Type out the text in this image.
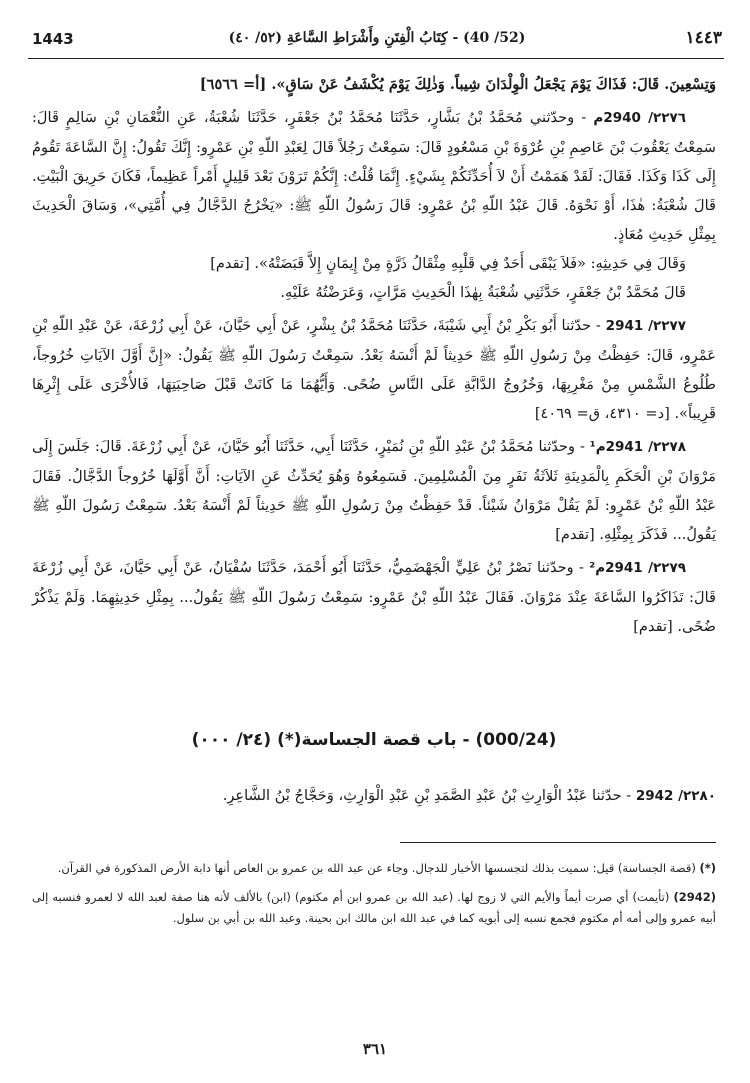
1443	(52/ 40) - كِتَابُ الْفِتَنِ وأَشْرَاطِ السَّاعَةِ (٥٢/ ٤٠)	١٤٤٣

وَتِسْعِينَ. قَالَ: فَذَاكَ يَوْمَ يَجْعَلُ الْوِلْدَانَ شِيباً. وَذٰلِكَ يَوْمَ يُكْشَفُ عَنْ سَاقٍ». [أ= ٦٥٦٦]

٢٢٧٦/ 2940م - وحدّثني مُحَمَّدُ بْنُ بَشَّارٍ، حَدَّثَنَا مُحَمَّدُ بْنُ جَعْفَرٍ، حَدَّثَنَا شُعْبَةُ، عَنِ النُّعْمَانِ بْنِ سَالِمٍ قَالَ: سَمِعْتُ يَعْقُوبَ بْنَ عَاصِمِ بْنِ عُرْوَةَ بْنِ مَسْعُودٍ قَالَ: سَمِعْتُ رَجُلاً قَالَ لِعَبْدِ اللّهِ بْنِ عَمْرٍو: إِنَّكَ تَقُولُ: إِنَّ السَّاعَةَ تَقُومُ إِلَى كَذَا وَكَذَا. فَقَالَ: لَقَدْ هَمَمْتُ أَنْ لاَ أُحَدِّثَكُمْ بِشَيْءٍ. إِنَّمَا قُلْتُ: إِنَّكُمْ تَرَوْنَ بَعْدَ قَلِيلٍ أَمْراً عَظِيماً، فَكَانَ حَرِيقَ الْبَيْتِ. قَالَ شُعْبَةُ: هٰذَا، أَوْ نَحْوَهُ. قَالَ عَبْدُ اللّهِ بْنُ عَمْرٍو: قَالَ رَسُولُ اللّهِ ﷺ: «يَخْرُجُ الدَّجَّالُ فِي أُمَّتِي»، وَسَاقَ الْحَدِيثَ بِمِثْلِ حَدِيثِ مُعَاذٍ.

وَقَالَ فِي حَدِيثِهِ: «فَلاَ يَبْقَى أَحَدٌ فِي قَلْبِهِ مِثْقَالُ ذَرَّةٍ مِنْ إِيمَانٍ إِلاَّ قَبَضَتْهُ». [تقدم]

قَالَ مُحَمَّدُ بْنُ جَعْفَرٍ، حَدَّثَنِي شُعْبَةُ بِهٰذَا الْحَدِيثِ مَرَّاتٍ، وَعَرَضْتُهُ عَلَيْهِ.

٢٢٧٧/ 2941 - حدّثنا أَبُو بَكْرِ بْنُ أَبِي شَيْبَةَ، حَدَّثَنَا مُحَمَّدُ بْنُ بِشْرٍ، عَنْ أَبِي حَيَّانَ، عَنْ أَبِي زُرْعَةَ، عَنْ عَبْدِ اللّهِ بْنِ عَمْرٍو، قَالَ: حَفِظْتُ مِنْ رَسُولِ اللّهِ ﷺ حَدِيثاً لَمْ أَنْسَهُ بَعْدُ. سَمِعْتُ رَسُولَ اللّهِ ﷺ يَقُولُ: «إِنَّ أَوَّلَ الآيَاتِ خُرُوجاً، طُلُوعُ الشَّمْسِ مِنْ مَغْرِبِهَا، وَخُرُوجُ الدَّابَّةِ عَلَى النَّاسِ ضُحًى. وَأَيُّهُمَا مَا كَانَتْ قَبْلَ صَاحِبَتِهَا، فَالأُخْرَى عَلَى إِثْرِهَا قَرِيباً». [د= ٤٣١٠، ق= ٤٠٦٩]

٢٢٧٨/ 2941م¹ - وحدّثنا مُحَمَّدُ بْنُ عَبْدِ اللّهِ بْنِ نُمَيْرٍ، حَدَّثَنَا أَبِي، حَدَّثَنَا أَبُو حَيَّانَ، عَنْ أَبِي زُرْعَةَ. قَالَ: جَلَسَ إِلَى مَرْوَانَ بْنِ الْحَكَمِ بِالْمَدِينَةِ ثَلاَثَةُ نَفَرٍ مِنَ الْمُسْلِمِينَ. فَسَمِعُوهُ وَهُوَ يُحَدِّثُ عَنِ الآيَاتِ: أَنَّ أَوَّلَهَا خُرُوجاً الدَّجَّالُ. فَقَالَ عَبْدُ اللّهِ بْنُ عَمْرٍو: لَمْ يَقُلْ مَرْوَانُ شَيْئاً. قَدْ حَفِظْتُ مِنْ رَسُولِ اللّهِ ﷺ حَدِيثاً لَمْ أَنْسَهُ بَعْدُ. سَمِعْتُ رَسُولَ اللّهِ ﷺ يَقُولُ... فَذَكَرَ بِمِثْلِهِ. [تقدم]

٢٢٧٩/ 2941م² - وحدّثنا نَصْرُ بْنُ عَلِيٍّ الْجَهْضَمِيُّ، حَدَّثَنَا أَبُو أَحْمَدَ، حَدَّثَنَا سُفْيَانُ، عَنْ أَبِي حَيَّانَ، عَنْ أَبِي زُرْعَةَ قَالَ: تَذَاكَرُوا السَّاعَةَ عِنْدَ مَرْوَانَ. فَقَالَ عَبْدُ اللّهِ بْنُ عَمْرٍو: سَمِعْتُ رَسُولَ اللّهِ ﷺ يَقُولُ... بِمِثْلِ حَدِيثِهِمَا. وَلَمْ يَذْكُرْ ضُحًى. [تقدم]

(000/24) - باب قصة الجساسة(*) (٢٤/ ٠٠٠)

٢٢٨٠/ 2942 - حدّثنا عَبْدُ الْوَارِثِ بْنُ عَبْدِ الصَّمَدِ بْنِ عَبْدِ الْوَارِثِ، وَحَجَّاجُ بْنُ الشَّاعِرِ.

(*) (قصة الجساسة) قيل: سميت بذلك لتجسسها الأخبار للدجال. وجاء عن عبد الله بن عمرو بن العاص أنها دابة الأرض المذكورة في القرآن.

(2942) (تأيمت) أي صرت أيماً والأيم التي لا زوج لها. (عبد الله بن عمرو ابن أم مكتوم) (ابن) بالألف لأنه هنا صفة لعبد الله لا لعمرو فنسبه إلى أبيه عمرو وإلى أمه أم مكتوم فجمع نسبه إلى أبويه كما في عبد الله ابن مالك ابن بحينة. وعبد الله بن أبي بن سلول.

٣٦١
